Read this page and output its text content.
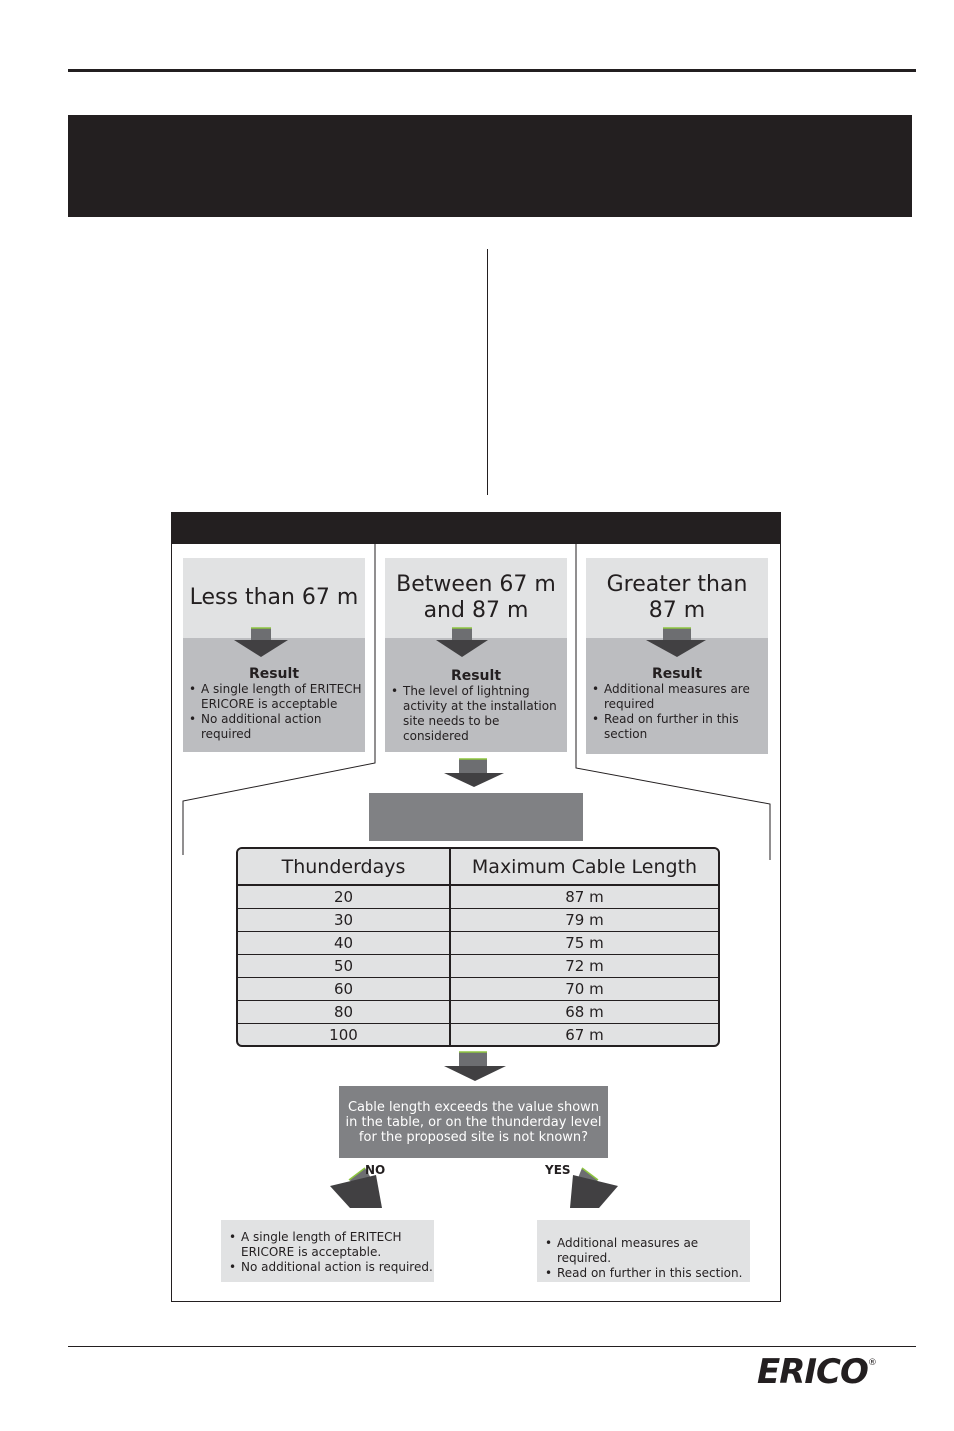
Less than 67 m
Result
• A single length of ERITECH ERICORE is acceptable
• No additional action required
Between 67 m
and 87 m
Result
• The level of lightning activity at the installation site needs to be considered
Greater than
87 m
Result
• Additional measures are required
• Read on further in this section
Thunderdays	Maximum Cable Length
20	87 m
30	79 m
40	75 m
50	72 m
60	70 m
80	68 m
100	67 m
Cable length exceeds the value shown in the table, or on the thunderday level for the proposed site is not known?
NO	YES
• A single length of ERITECH ERICORE is acceptable.
• No additional action is required.
• Additional measures ae required.
• Read on further in this section.
ERICO®
